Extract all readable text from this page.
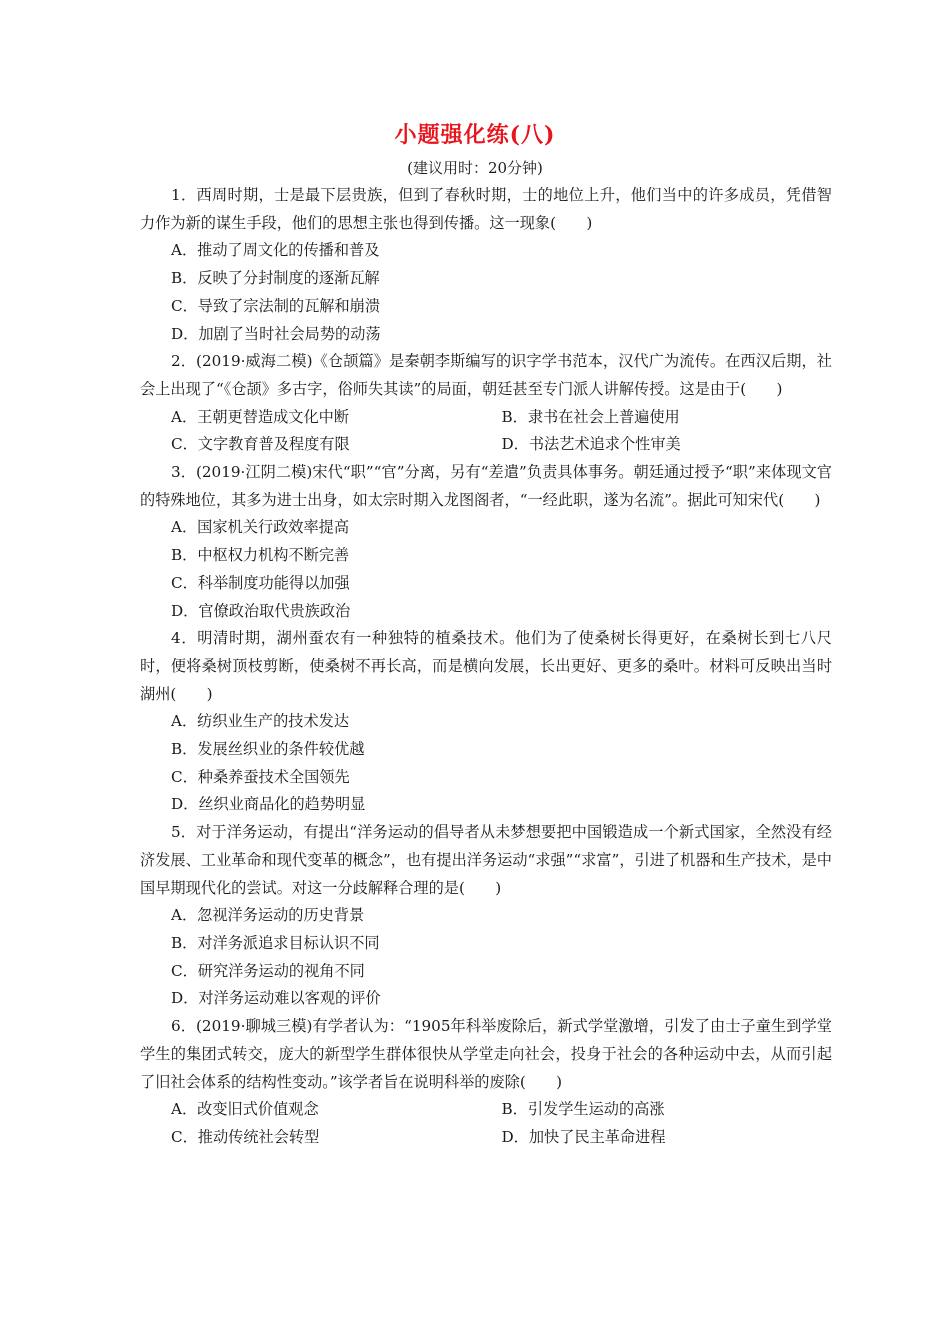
小题强化练(八)
(建议用时：20分钟)

1．西周时期，士是最下层贵族，但到了春秋时期，士的地位上升，他们当中的许多成员，凭借智力作为新的谋生手段，他们的思想主张也得到传播。这一现象(　　)

A．推动了周文化的传播和普及

B．反映了分封制度的逐渐瓦解

C．导致了宗法制的瓦解和崩溃

D．加剧了当时社会局势的动荡

2．(2019·威海二模)《仓颉篇》是秦朝李斯编写的识字学书范本，汉代广为流传。在西汉后期，社会上出现了“《仓颉》多古字，俗师失其读”的局面，朝廷甚至专门派人讲解传授。这是由于(　　)

A．王朝更替造成文化中断	B．隶书在社会上普遍使用
C．文字教育普及程度有限	D．书法艺术追求个性审美

3．(2019·江阴二模)宋代“职”“官”分离，另有“差遣”负责具体事务。朝廷通过授予“职”来体现文官的特殊地位，其多为进士出身，如太宗时期入龙图阁者，“一经此职，遂为名流”。据此可知宋代(　　)

A．国家机关行政效率提高

B．中枢权力机构不断完善

C．科举制度功能得以加强

D．官僚政治取代贵族政治

4．明清时期，湖州蚕农有一种独特的植桑技术。他们为了使桑树长得更好，在桑树长到七八尺时，便将桑树顶枝剪断，使桑树不再长高，而是横向发展，长出更好、更多的桑叶。材料可反映出当时湖州(　　)

A．纺织业生产的技术发达

B．发展丝织业的条件较优越

C．种桑养蚕技术全国领先

D．丝织业商品化的趋势明显

5．对于洋务运动，有提出“洋务运动的倡导者从未梦想要把中国锻造成一个新式国家，全然没有经济发展、工业革命和现代变革的概念”，也有提出洋务运动“求强”“求富”，引进了机器和生产技术，是中国早期现代化的尝试。对这一分歧解释合理的是(　　)

A．忽视洋务运动的历史背景

B．对洋务派追求目标认识不同

C．研究洋务运动的视角不同

D．对洋务运动难以客观的评价

6．(2019·聊城三模)有学者认为：“1905年科举废除后，新式学堂激增，引发了由士子童生到学堂学生的集团式转交，庞大的新型学生群体很快从学堂走向社会，投身于社会的各种运动中去，从而引起了旧社会体系的结构性变动。”该学者旨在说明科举的废除(　　)

A．改变旧式价值观念	B．引发学生运动的高涨
C．推动传统社会转型	D．加快了民主革命进程
